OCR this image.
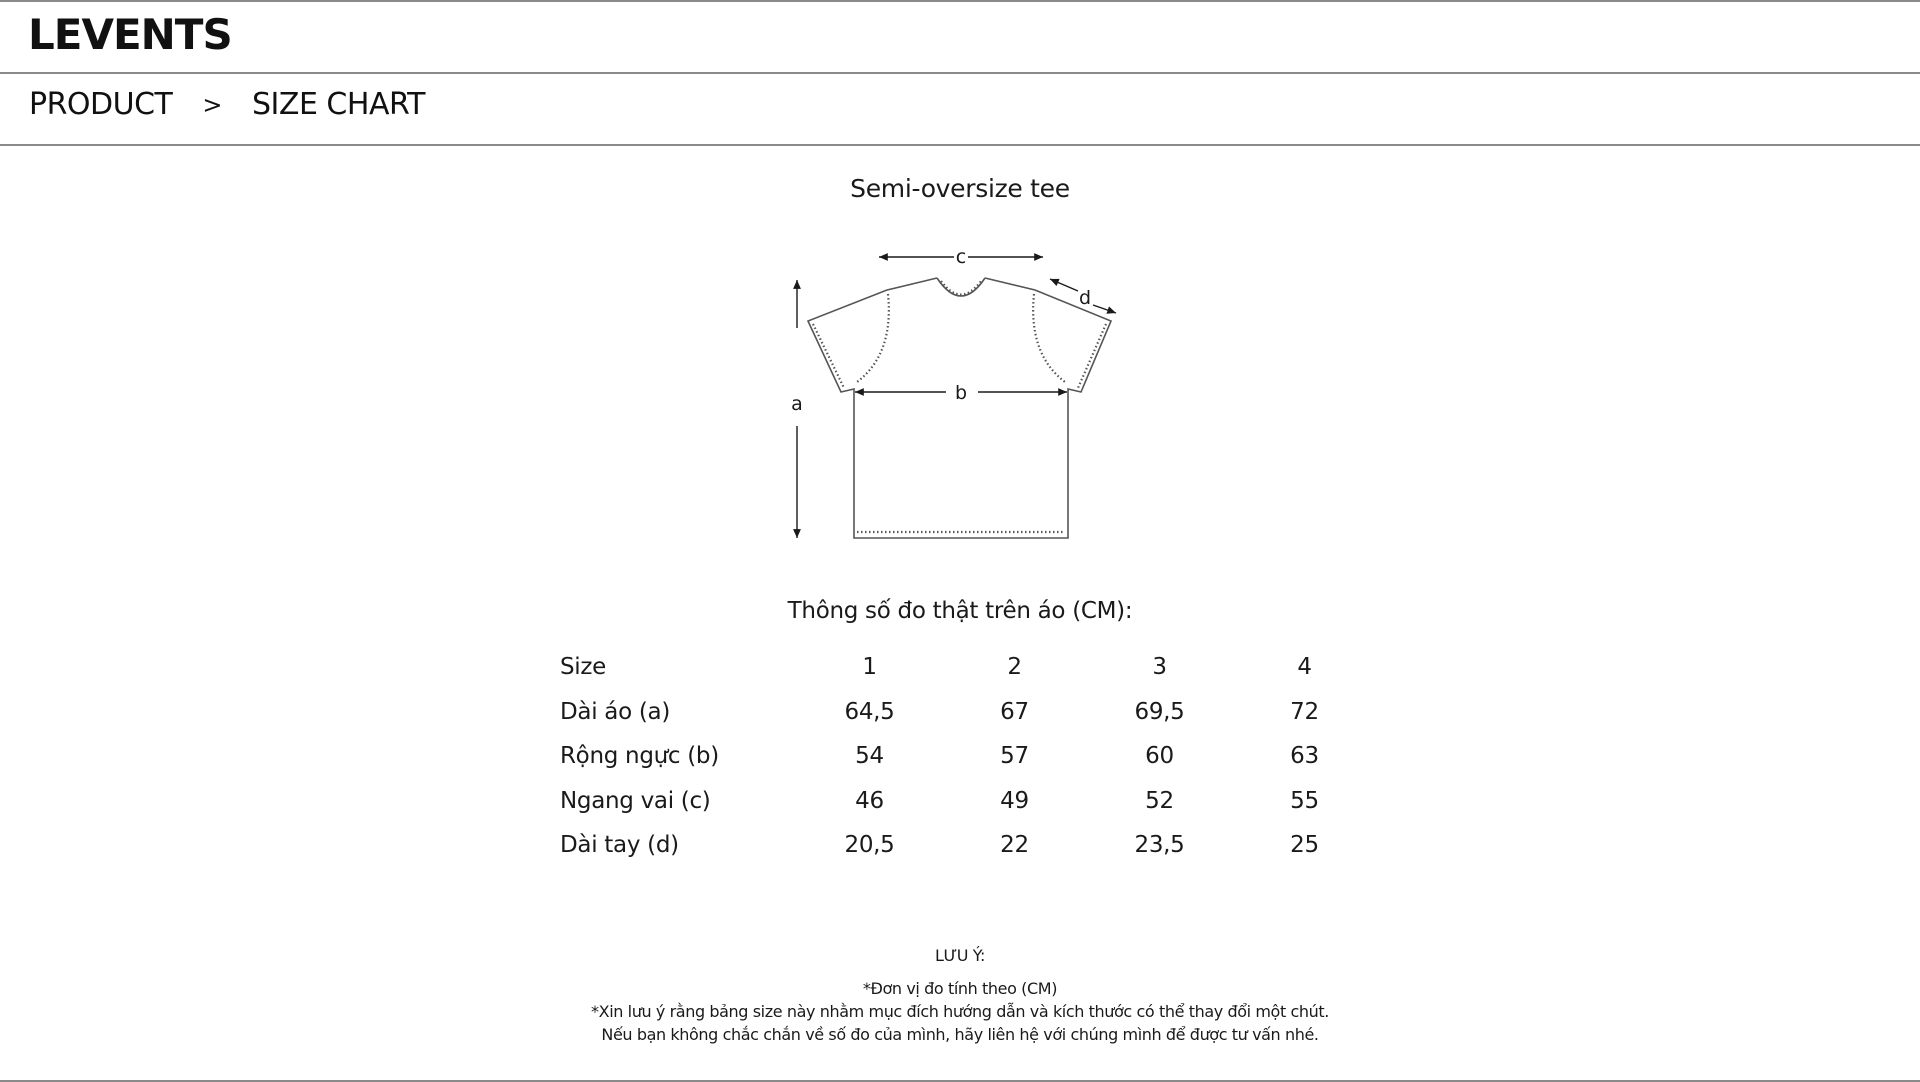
LEVENTS
PRODUCT > SIZE CHART
Semi-oversize tee
c
d
a	b
Thông số đo thật trên áo (CM):
Size	1	2	3	4
Dài áo (a)	64,5	67	69,5	72
Rộng ngực (b)	54	57	60	63
Ngang vai (c)	46	49	52	55
Dài tay (d)	20,5	22	23,5	25
LƯU Ý:
*Đơn vị đo tính theo (CM)
*Xin lưu ý rằng bảng size này nhằm mục đích hướng dẫn và kích thước có thể thay đổi một chút.
Nếu bạn không chắc chắn về số đo của mình, hãy liên hệ với chúng mình để được tư vấn nhé.
